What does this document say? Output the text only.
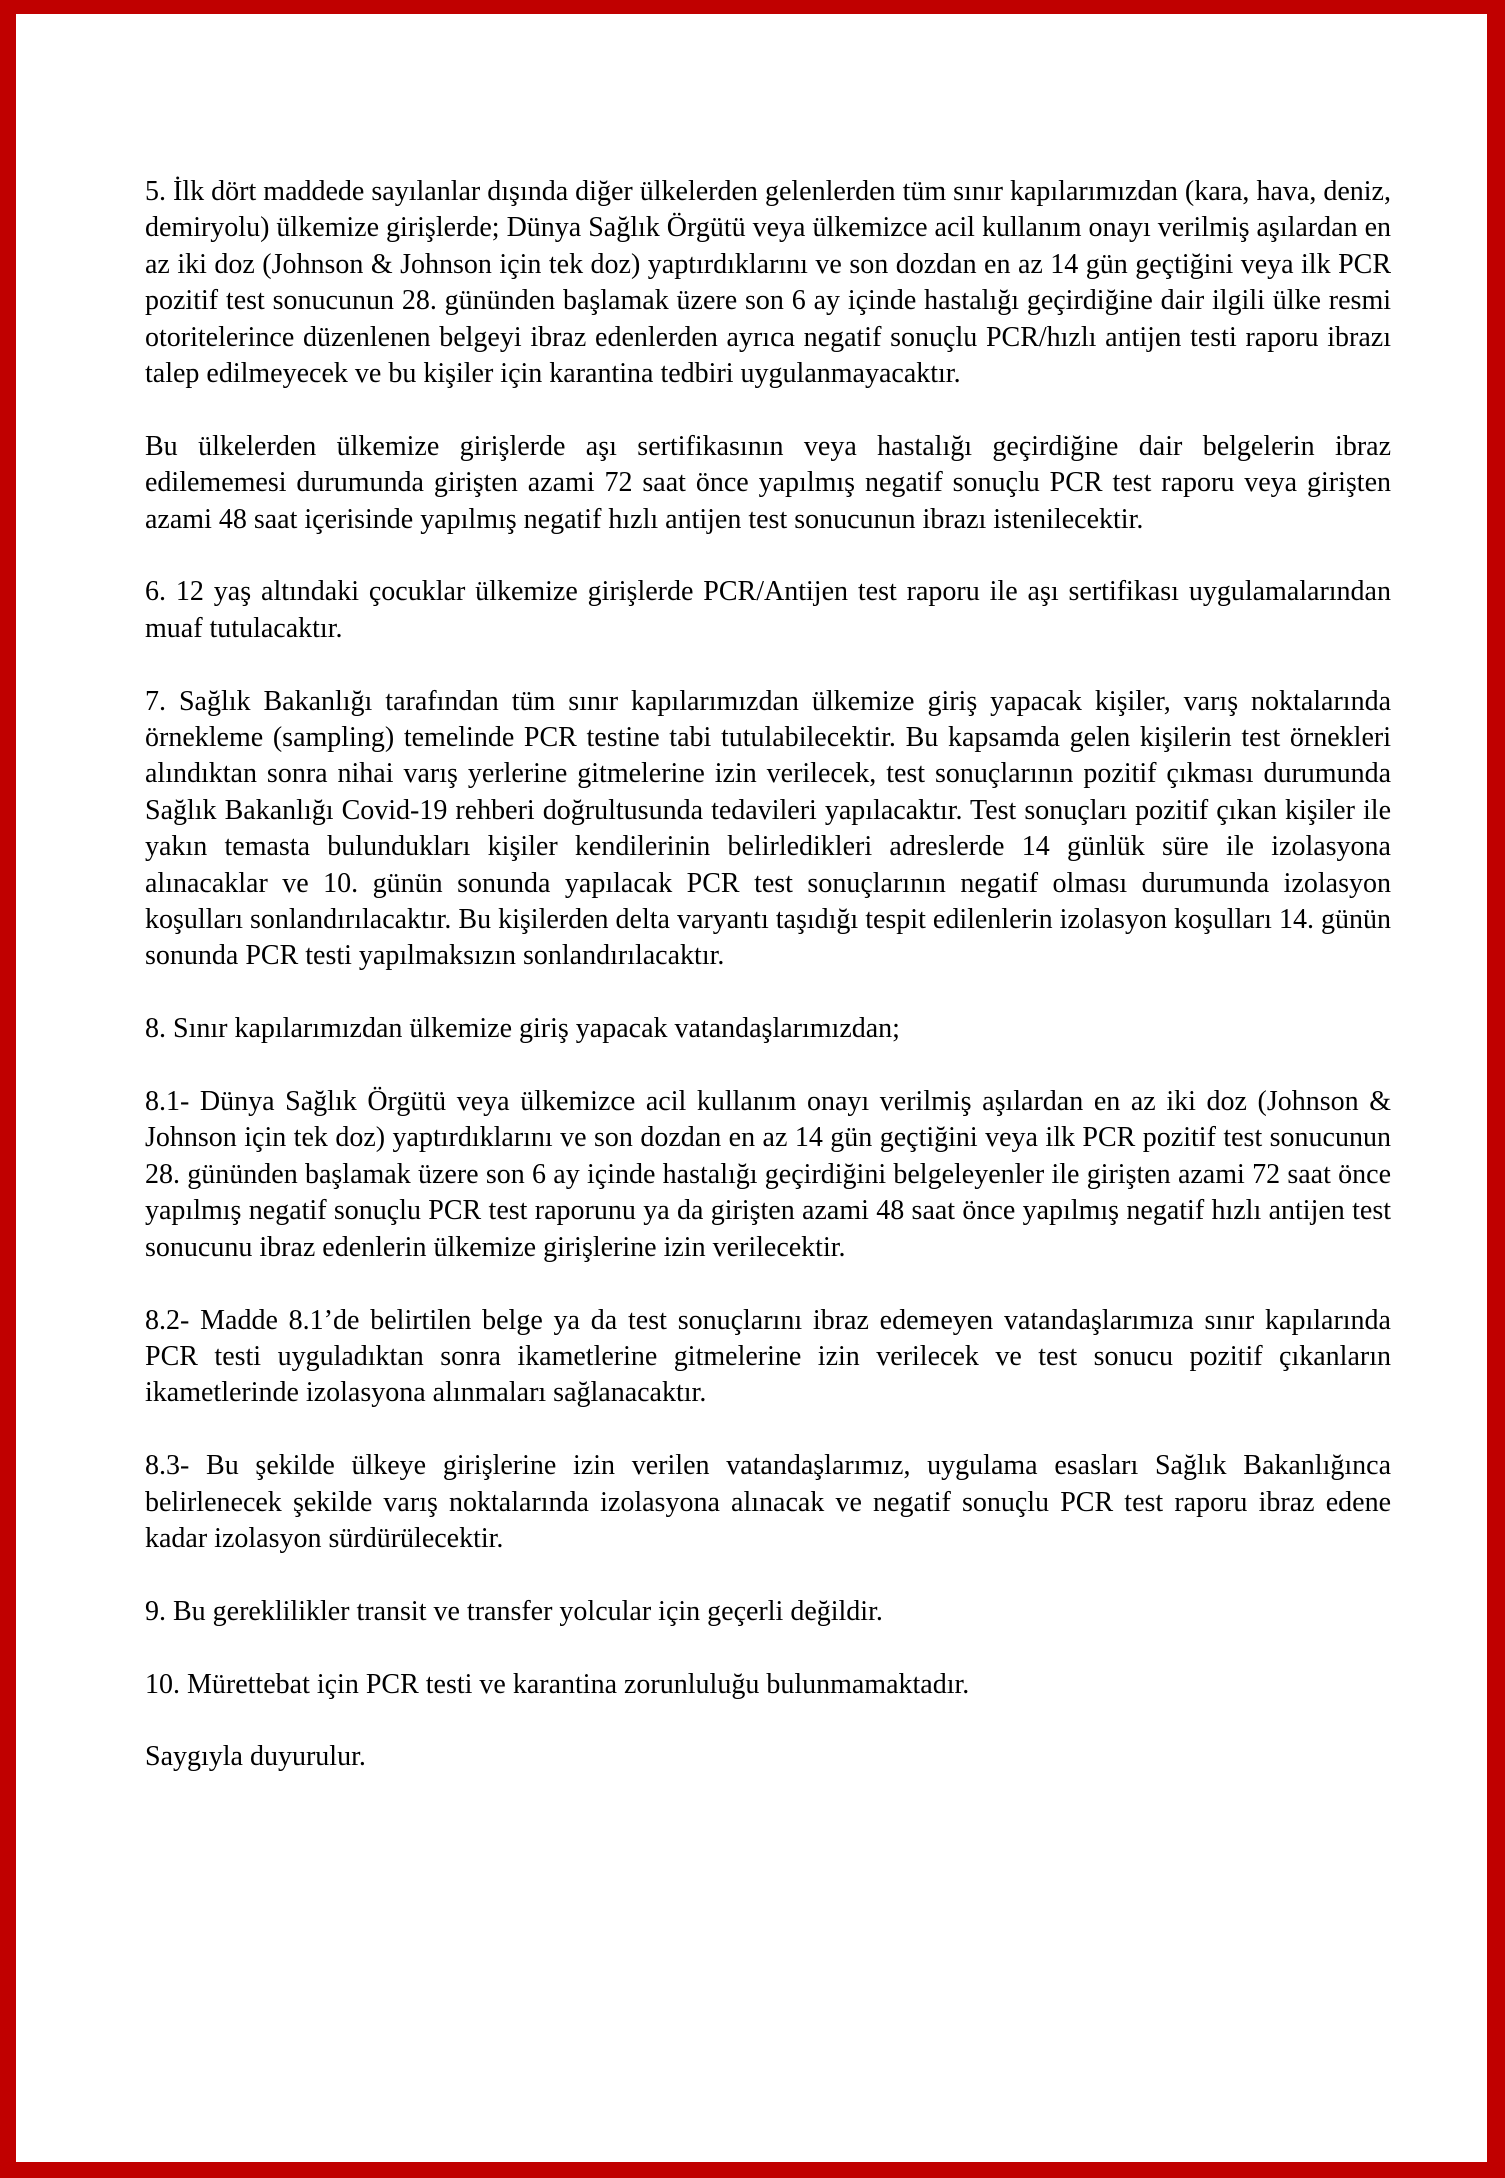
5. İlk dört maddede sayılanlar dışında diğer ülkelerden gelenlerden tüm sınır kapılarımızdan (kara, hava, deniz, demiryolu) ülkemize girişlerde; Dünya Sağlık Örgütü veya ülkemizce acil kullanım onayı verilmiş aşılardan en az iki doz (Johnson & Johnson için tek doz) yaptırdıklarını ve son dozdan en az 14 gün geçtiğini veya ilk PCR pozitif test sonucunun 28. gününden başlamak üzere son 6 ay içinde hastalığı geçirdiğine dair ilgili ülke resmi otoritelerince düzenlenen belgeyi ibraz edenlerden ayrıca negatif sonuçlu PCR/hızlı antijen testi raporu ibrazı talep edilmeyecek ve bu kişiler için karantina tedbiri uygulanmayacaktır.

Bu ülkelerden ülkemize girişlerde aşı sertifikasının veya hastalığı geçirdiğine dair belgelerin ibraz edilememesi durumunda girişten azami 72 saat önce yapılmış negatif sonuçlu PCR test raporu veya girişten azami 48 saat içerisinde yapılmış negatif hızlı antijen test sonucunun ibrazı istenilecektir.

6. 12 yaş altındaki çocuklar ülkemize girişlerde PCR/Antijen test raporu ile aşı sertifikası uygulamalarından muaf tutulacaktır.

7. Sağlık Bakanlığı tarafından tüm sınır kapılarımızdan ülkemize giriş yapacak kişiler, varış noktalarında örnekleme (sampling) temelinde PCR testine tabi tutulabilecektir. Bu kapsamda gelen kişilerin test örnekleri alındıktan sonra nihai varış yerlerine gitmelerine izin verilecek, test sonuçlarının pozitif çıkması durumunda Sağlık Bakanlığı Covid-19 rehberi doğrultusunda tedavileri yapılacaktır. Test sonuçları pozitif çıkan kişiler ile yakın temasta bulundukları kişiler kendilerinin belirledikleri adreslerde 14 günlük süre ile izolasyona alınacaklar ve 10. günün sonunda yapılacak PCR test sonuçlarının negatif olması durumunda izolasyon koşulları sonlandırılacaktır. Bu kişilerden delta varyantı taşıdığı tespit edilenlerin izolasyon koşulları 14. günün sonunda PCR testi yapılmaksızın sonlandırılacaktır.

8. Sınır kapılarımızdan ülkemize giriş yapacak vatandaşlarımızdan;

8.1- Dünya Sağlık Örgütü veya ülkemizce acil kullanım onayı verilmiş aşılardan en az iki doz (Johnson & Johnson için tek doz) yaptırdıklarını ve son dozdan en az 14 gün geçtiğini veya ilk PCR pozitif test sonucunun 28. gününden başlamak üzere son 6 ay içinde hastalığı geçirdiğini belgeleyenler ile girişten azami 72 saat önce yapılmış negatif sonuçlu PCR test raporunu ya da girişten azami 48 saat önce yapılmış negatif hızlı antijen test sonucunu ibraz edenlerin ülkemize girişlerine izin verilecektir.

8.2- Madde 8.1’de belirtilen belge ya da test sonuçlarını ibraz edemeyen vatandaşlarımıza sınır kapılarında PCR testi uyguladıktan sonra ikametlerine gitmelerine izin verilecek ve test sonucu pozitif çıkanların ikametlerinde izolasyona alınmaları sağlanacaktır.

8.3- Bu şekilde ülkeye girişlerine izin verilen vatandaşlarımız, uygulama esasları Sağlık Bakanlığınca belirlenecek şekilde varış noktalarında izolasyona alınacak ve negatif sonuçlu PCR test raporu ibraz edene kadar izolasyon sürdürülecektir.

9. Bu gereklilikler transit ve transfer yolcular için geçerli değildir.

10. Mürettebat için PCR testi ve karantina zorunluluğu bulunmamaktadır.

Saygıyla duyurulur.
